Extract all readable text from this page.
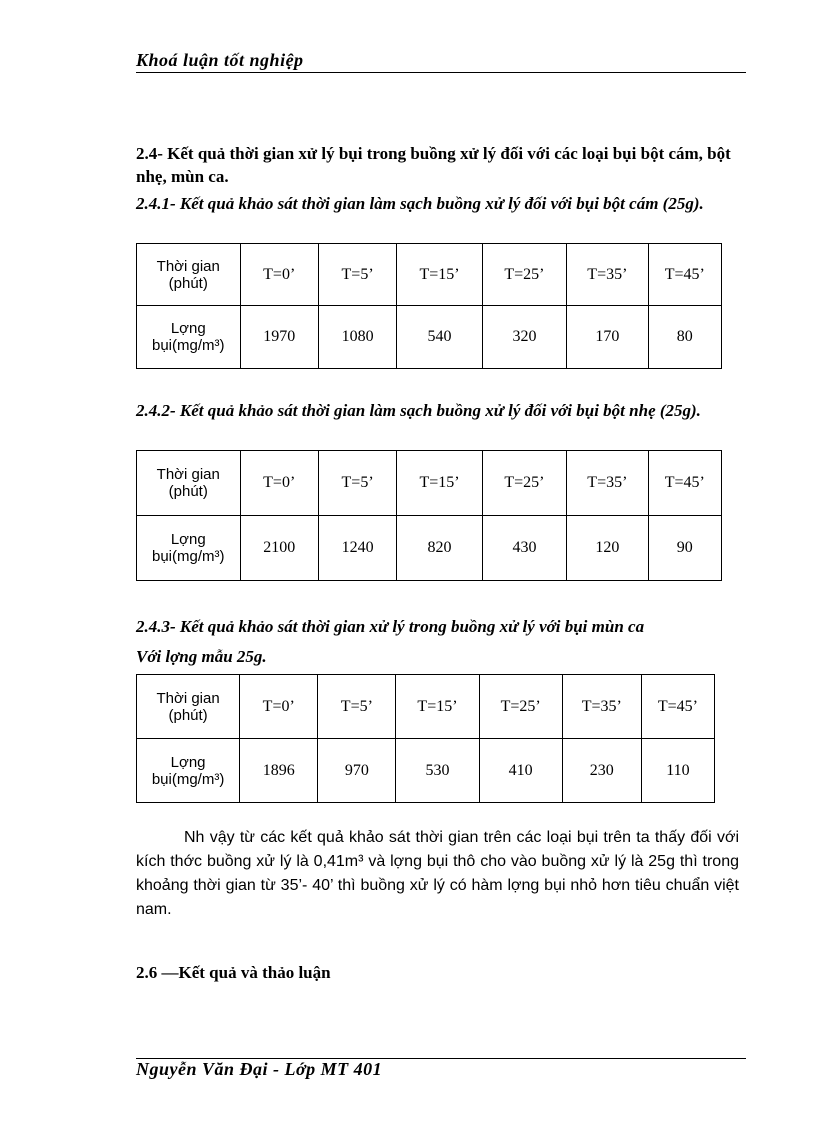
Khoá luận tốt nghiệp
2.4- Kết quả thời gian xử lý bụi trong buồng xử lý đối với các loại bụi bột cám, bột nhẹ, mùn ca.
2.4.1- Kết quả khảo sát thời gian làm sạch buồng xử lý đối với bụi bột cám (25g).
Thời gian (phút)	T=0’	T=5’	T=15’	T=25’	T=35’	T=45’
Lợng bụi(mg/m³)	1970	1080	540	320	170	80
2.4.2- Kết quả khảo sát thời gian làm sạch buồng xử lý đối với bụi bột nhẹ (25g).
Thời gian (phút)	T=0’	T=5’	T=15’	T=25’	T=35’	T=45’
Lợng bụi(mg/m³)	2100	1240	820	430	120	90
2.4.3- Kết quả khảo sát thời gian xử lý trong buồng xử lý với bụi mùn ca
Với lợng mẫu 25g.
Thời gian (phút)	T=0’	T=5’	T=15’	T=25’	T=35’	T=45’
Lợng bụi(mg/m³)	1896	970	530	410	230	110
Nh vậy từ các kết quả khảo sát thời gian trên các loại bụi trên ta thấy đối với kích thớc buồng xử lý là 0,41m³ và lợng bụi thô cho vào buồng xử lý là 25g thì trong khoảng thời gian từ 35’- 40’ thì buồng xử lý có hàm lợng bụi nhỏ hơn tiêu chuẩn việt nam.
2.6 —Kết quả và thảo luận
Nguyễn Văn Đại - Lớp MT 401
